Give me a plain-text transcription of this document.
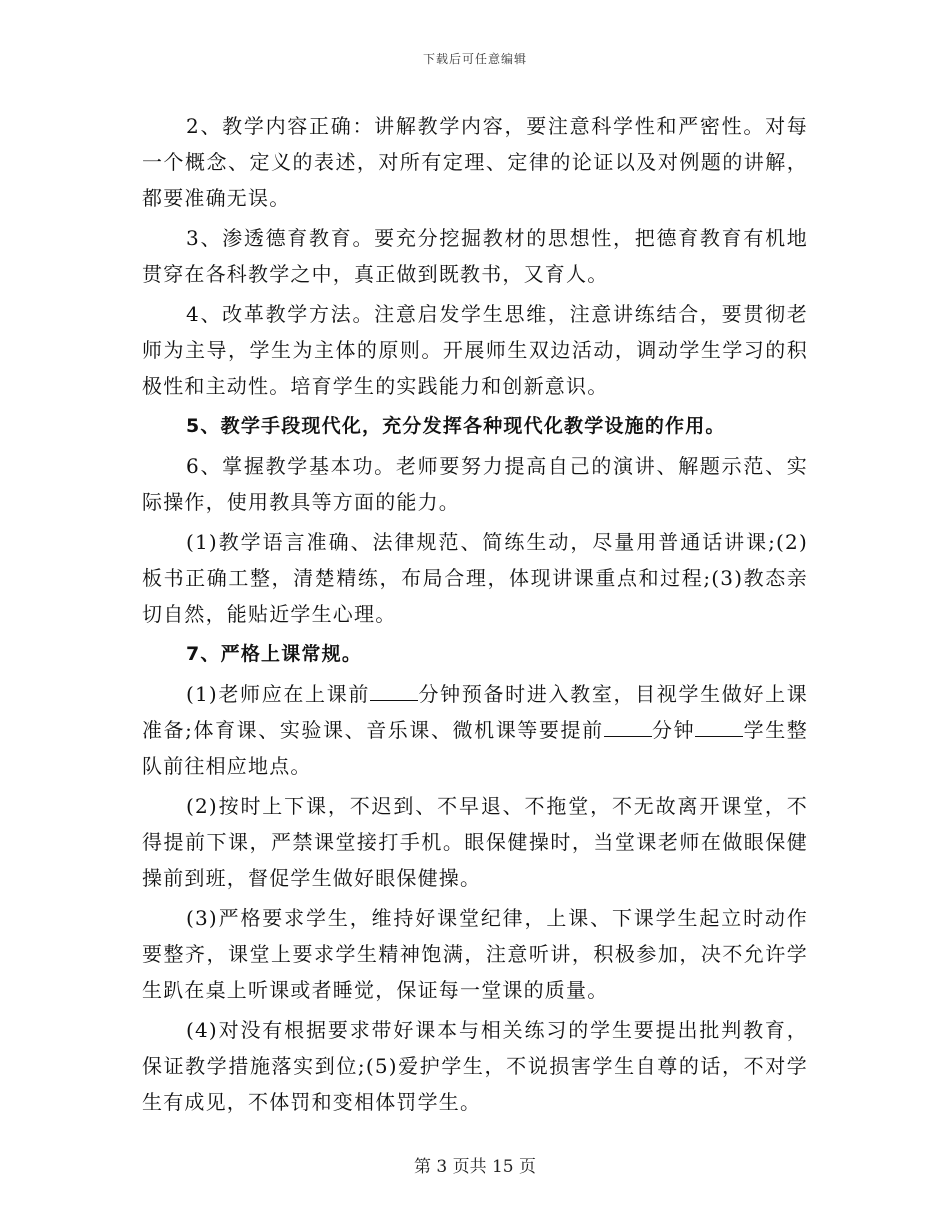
下载后可任意编辑

2、教学内容正确：讲解教学内容，要注意科学性和严密性。对每一个概念、定义的表述，对所有定理、定律的论证以及对例题的讲解，都要准确无误。

3、渗透德育教育。要充分挖掘教材的思想性，把德育教育有机地贯穿在各科教学之中，真正做到既教书，又育人。

4、改革教学方法。注意启发学生思维，注意讲练结合，要贯彻老师为主导，学生为主体的原则。开展师生双边活动，调动学生学习的积极性和主动性。培育学生的实践能力和创新意识。

5、教学手段现代化，充分发挥各种现代化教学设施的作用。

6、掌握教学基本功。老师要努力提高自己的演讲、解题示范、实际操作，使用教具等方面的能力。

(1)教学语言准确、法律规范、简练生动，尽量用普通话讲课;(2)板书正确工整，清楚精练，布局合理，体现讲课重点和过程;(3)教态亲切自然，能贴近学生心理。

7、严格上课常规。

(1)老师应在上课前 分钟预备时进入教室，目视学生做好上课准备;体育课、实验课、音乐课、微机课等要提前 分钟 学生整队前往相应地点。

(2)按时上下课，不迟到、不早退、不拖堂，不无故离开课堂，不得提前下课，严禁课堂接打手机。眼保健操时，当堂课老师在做眼保健操前到班，督促学生做好眼保健操。

(3)严格要求学生，维持好课堂纪律，上课、下课学生起立时动作要整齐，课堂上要求学生精神饱满，注意听讲，积极参加，决不允许学生趴在桌上听课或者睡觉，保证每一堂课的质量。

(4)对没有根据要求带好课本与相关练习的学生要提出批判教育，保证教学措施落实到位;(5)爱护学生，不说损害学生自尊的话，不对学生有成见，不体罚和变相体罚学生。

第 3 页共 15 页
